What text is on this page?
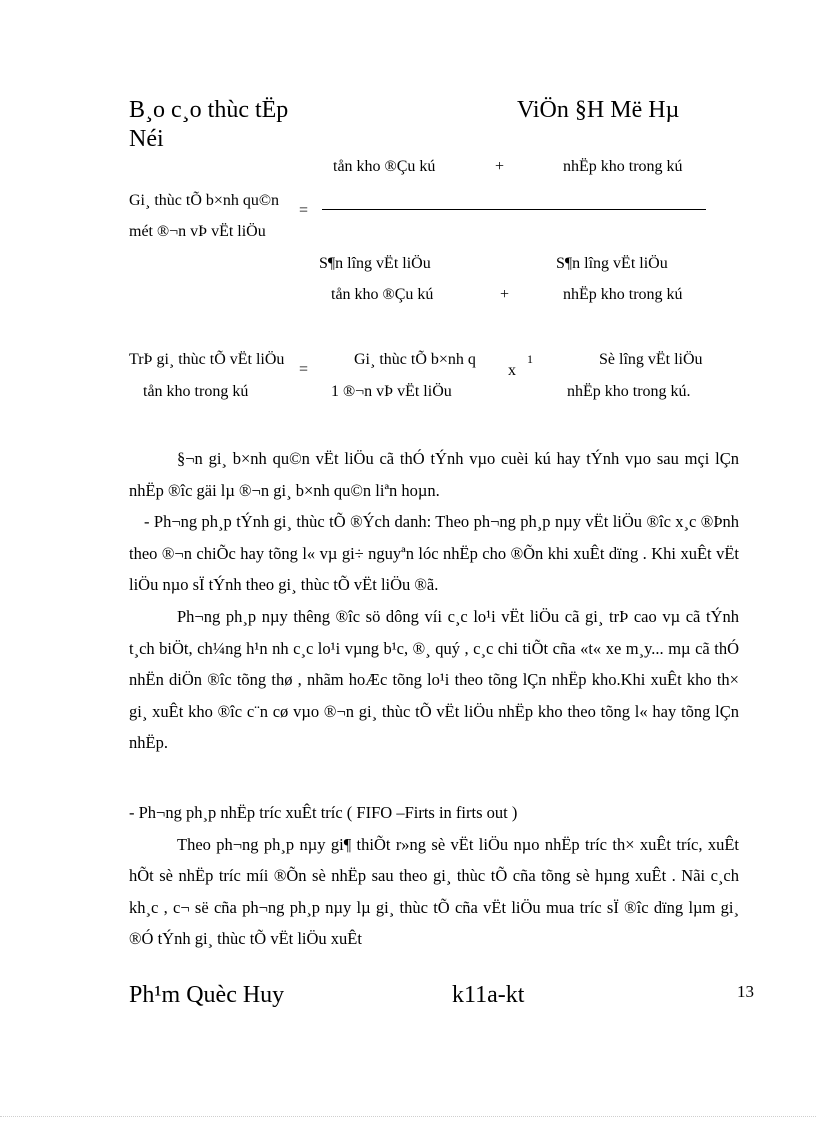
B¸o c¸o thùc tËp
Néi
ViÖn §H Më Hµ
tån kho ®Çu kú	+	nhËp kho trong kú
Gi¸ thùc tÕ b×nh qu©n
=
mét ®¬n vÞ vËt liÖu
S¶n lîng vËt liÖu	S¶n lîng vËt liÖu
tån kho ®Çu kú	+	nhËp kho trong kú
TrÞ gi¸ thùc tÕ vËt liÖu
=
tån kho trong kú
Gi¸ thùc tÕ b×nh q
x
1
1 ®¬n vÞ vËt liÖu
Sè lîng vËt liÖu
nhËp kho trong kú.

§¬n gi¸ b×nh qu©n vËt liÖu cã thÓ tÝnh vµo cuèi kú hay tÝnh vµo sau mçi lÇn nhËp ®îc gäi lµ ®¬n gi¸ b×nh qu©n liªn hoµn.

- Ph¬ng ph¸p tÝnh gi¸ thùc tÕ ®Ých danh: Theo ph¬ng ph¸p nµy vËt liÖu ®îc x¸c ®Þnh theo ®¬n chiÕc hay tõng l« vµ gi÷ nguyªn lóc nhËp cho ®Õn khi xuÊt dïng . Khi xuÊt vËt liÖu nµo sÏ tÝnh theo gi¸ thùc tÕ vËt liÖu ®ã.

Ph¬ng ph¸p nµy thêng ®îc sö dông víi c¸c lo¹i vËt liÖu cã gi¸ trÞ cao vµ cã tÝnh t¸ch biÖt, ch¼ng h¹n nh c¸c lo¹i vµng b¹c, ®¸ quý , c¸c chi tiÕt cña «t« xe m¸y... mµ cã thÓ nhËn diÖn ®îc tõng thø , nhãm hoÆc tõng lo¹i theo tõng lÇn nhËp kho.Khi xuÊt kho th× gi¸ xuÊt kho ®îc c¨n cø vµo ®¬n gi¸ thùc tÕ vËt liÖu nhËp kho theo tõng l« hay tõng lÇn nhËp.

- Ph¬ng ph¸p nhËp tríc xuÊt tríc ( FIFO –Firts in firts out )

Theo ph¬ng ph¸p nµy gi¶ thiÕt r»ng sè vËt liÖu nµo nhËp tríc th× xuÊt tríc, xuÊt hÕt sè nhËp tríc míi ®Õn sè nhËp sau theo gi¸ thùc tÕ cña tõng sè hµng xuÊt . Nãi c¸ch kh¸c , c¬ së cña ph¬ng ph¸p nµy lµ gi¸ thùc tÕ cña vËt liÖu mua tríc sÏ ®îc dïng lµm gi¸ ®Ó tÝnh gi¸ thùc tÕ vËt liÖu xuÊt

Ph¹m Quèc Huy	k11a-kt	13
